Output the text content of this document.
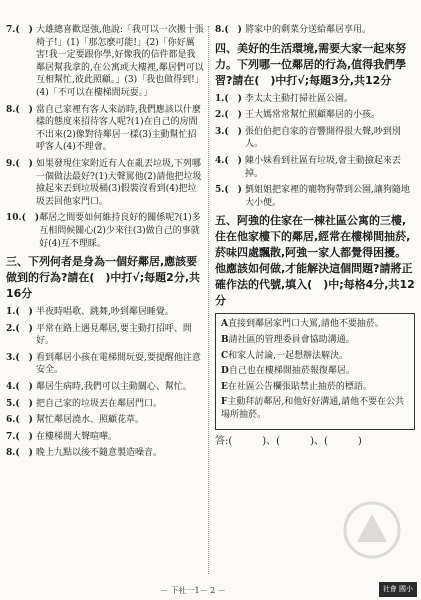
7.(　) 大雄總喜歡逞強,他說:「我可以一次搬十張椅子!」(1)「那怎麼可能!」(2)「你好厲害!我一定要跟你學,好像我的信件都是我鄰居幫我拿的,在公寓或大樓裡,鄰居們可以互相幫忙,彼此照顧。」(3)「我也做得到!」(4)「不可以在樓梯間玩耍。」
8.(　) 當自己家裡有客人來訪時,我們應該以什麼樣的態度來招待客人呢?(1)在自己的房間不出來(2)像對待鄰居一樣(3)主動幫忙招呼客人(4)不理會。
9.(　) 如果發現住家附近有人在亂丟垃圾,下列哪一個做法最好?(1)大聲罵他(2)請他把垃圾撿起來丟到垃圾桶(3)假裝沒看到(4)把垃圾丟回他家門口。
10.(　) 鄰居之間要如何維持良好的關係呢?(1)多互相問候關心(2)少來往(3)做自己的事就好(4)互不理睬。
三、下列何者是身為一個好鄰居,應該要做到的行為?請在(　)中打√;每題2分,共16分
1.(　) 半夜時唱歌、跳舞,吵到鄰居睡覺。
2.(　) 平常在路上遇見鄰居,要主動打招呼、問好。
3.(　) 看到鄰居小孩在電梯間玩耍,要提醒他注意安全。
4.(　) 鄰居生病時,我們可以主動關心、幫忙。
5.(　) 把自己家的垃圾丟在鄰居門口。
6.(　) 幫忙鄰居澆水、照顧花草。
7.(　) 在樓梯間大聲喧嘩。
8.(　) 晚上九點以後不隨意製造噪音。
8.(　) 將家中的剩菜分送給鄰居享用。
四、美好的生活環境,需要大家一起來努力。下列哪一位鄰居的行為,值得我們學習?請在(　)中打√;每題3分,共12分
1.(　) 李太太主動打掃社區公園。
2.(　) 王大媽常常幫忙照顧鄰居的小孩。
3.(　) 張伯伯把自家的音響開得很大聲,吵到別人。
4.(　) 陳小妹看到社區有垃圾,會主動撿起來丟掉。
5.(　) 劉姐姐把家裡的寵物狗帶到公園,讓狗隨地大小便。
五、阿強的住家在一棟社區公寓的三樓,住在他家樓下的鄰居,經常在樓梯間抽菸,菸味四處飄散,阿強一家人都覺得困擾。他應該如何做,才能解決這個問題?請將正確作法的代號,填入(　)中;每格4分,共12分
A直接到鄰居家門口大罵,請他不要抽菸。
B請社區的管理委員會協助溝通。
C和家人討論,一起想辦法解決。
D自己也在樓梯間抽菸報復鄰居。
E在社區公告欄張貼禁止抽菸的標語。
F主動拜訪鄰居,和他好好溝通,請他不要在公共場所抽菸。
答:(　　　)、(　　　)、(　　　)
－ 下社一1－ 2 －	社會 國小
